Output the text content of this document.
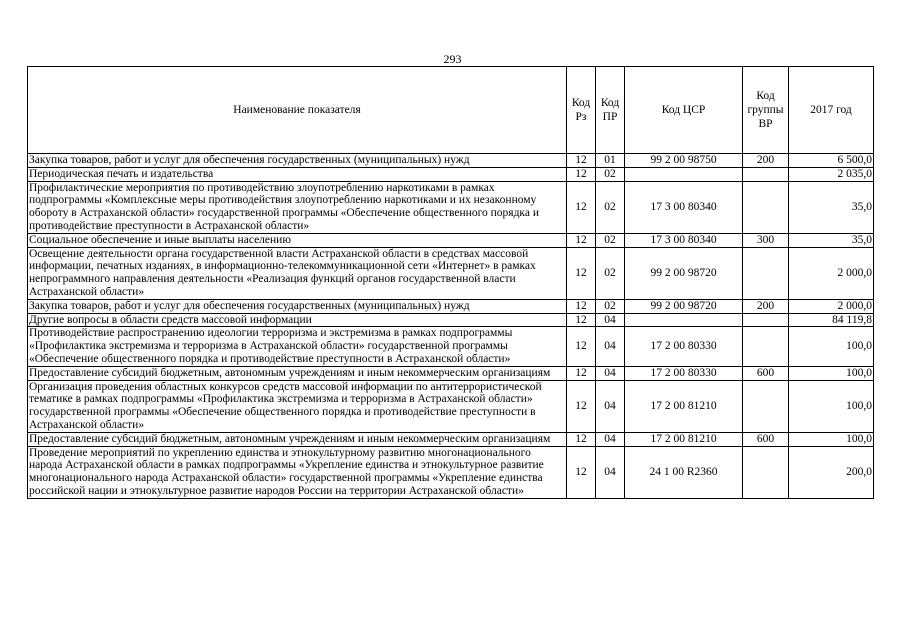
293
Наименование показателя	Код Рз	Код ПР	Код ЦСР	Код группы ВР	2017 год
Закупка товаров, работ и услуг для обеспечения государственных (муниципальных) нужд	12	01	99 2 00 98750	200	6 500,0
Периодическая печать и издательства	12	02			2 035,0
Профилактические мероприятия по противодействию злоупотреблению наркотиками в рамках подпрограммы «Комплексные меры противодействия злоупотреблению наркотиками и их незаконному обороту в Астраханской области» государственной программы «Обеспечение общественного порядка и противодействие преступности в Астраханской области»	12	02	17 3 00 80340		35,0
Социальное обеспечение и иные выплаты населению	12	02	17 3 00 80340	300	35,0
Освещение деятельности органа государственной власти Астраханской области в средствах массовой информации, печатных изданиях, в информационно-телекоммуникационной сети «Интернет» в рамках непрограммного направления деятельности «Реализация функций органов государственной власти Астраханской области»	12	02	99 2 00 98720		2 000,0
Закупка товаров, работ и услуг для обеспечения государственных (муниципальных) нужд	12	02	99 2 00 98720	200	2 000,0
Другие вопросы в области средств массовой информации	12	04			84 119,8
Противодействие распространению идеологии терроризма и экстремизма в рамках подпрограммы «Профилактика экстремизма и терроризма в Астраханской области» государственной программы «Обеспечение общественного порядка и противодействие преступности в Астраханской области»	12	04	17 2 00 80330		100,0
Предоставление субсидий бюджетным, автономным учреждениям и иным некоммерческим организациям	12	04	17 2 00 80330	600	100,0
Организация проведения областных конкурсов средств массовой информации по антитеррористической тематике в рамках подпрограммы «Профилактика экстремизма и терроризма в Астраханской области» государственной программы «Обеспечение общественного порядка и противодействие преступности в Астраханской области»	12	04	17 2 00 81210		100,0
Предоставление субсидий бюджетным, автономным учреждениям и иным некоммерческим организациям	12	04	17 2 00 81210	600	100,0
Проведение мероприятий по укреплению единства и этнокультурному развитию многонационального народа Астраханской области в рамках подпрограммы «Укрепление единства и этнокультурное развитие многонационального народа Астраханской области» государственной программы «Укрепление единства российской нации и этнокультурное развитие народов России на территории Астраханской области»	12	04	24 1 00 R2360		200,0
